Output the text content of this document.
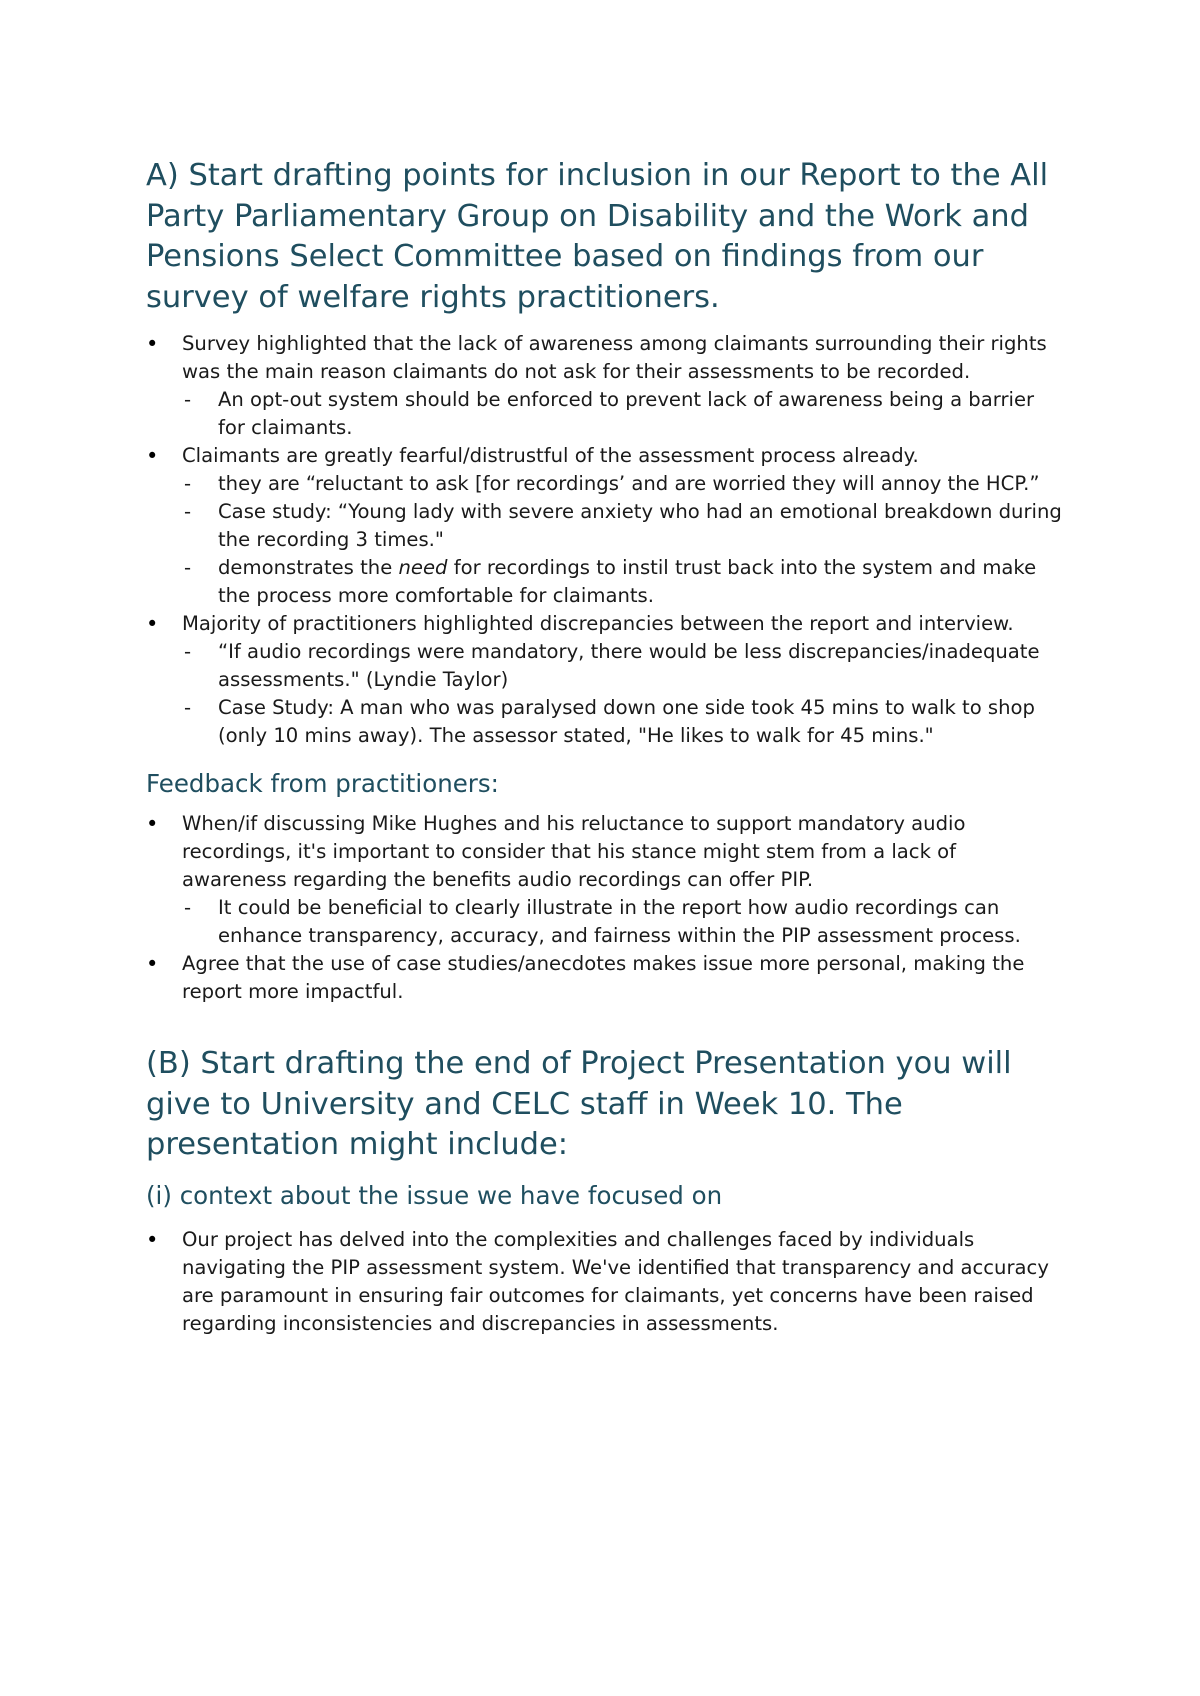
A) Start drafting points for inclusion in our Report to the All Party Parliamentary Group on Disability and the Work and Pensions Select Committee based on findings from our survey of welfare rights practitioners.
• Survey highlighted that the lack of awareness among claimants surrounding their rights was the main reason claimants do not ask for their assessments to be recorded.
- An opt-out system should be enforced to prevent lack of awareness being a barrier for claimants.
• Claimants are greatly fearful/distrustful of the assessment process already.
- they are “reluctant to ask [for recordings’ and are worried they will annoy the HCP.”
- Case study: “Young lady with severe anxiety who had an emotional breakdown during the recording 3 times."
- demonstrates the need for recordings to instil trust back into the system and make the process more comfortable for claimants.
• Majority of practitioners highlighted discrepancies between the report and interview.
- “If audio recordings were mandatory, there would be less discrepancies/inadequate assessments." (Lyndie Taylor)
- Case Study: A man who was paralysed down one side took 45 mins to walk to shop (only 10 mins away). The assessor stated, "He likes to walk for 45 mins."
Feedback from practitioners:
• When/if discussing Mike Hughes and his reluctance to support mandatory audio recordings, it's important to consider that his stance might stem from a lack of awareness regarding the benefits audio recordings can offer PIP.
- It could be beneficial to clearly illustrate in the report how audio recordings can enhance transparency, accuracy, and fairness within the PIP assessment process.
• Agree that the use of case studies/anecdotes makes issue more personal, making the report more impactful.
(B) Start drafting the end of Project Presentation you will give to University and CELC staff in Week 10. The presentation might include:
(i) context about the issue we have focused on
• Our project has delved into the complexities and challenges faced by individuals navigating the PIP assessment system. We've identified that transparency and accuracy are paramount in ensuring fair outcomes for claimants, yet concerns have been raised regarding inconsistencies and discrepancies in assessments.
